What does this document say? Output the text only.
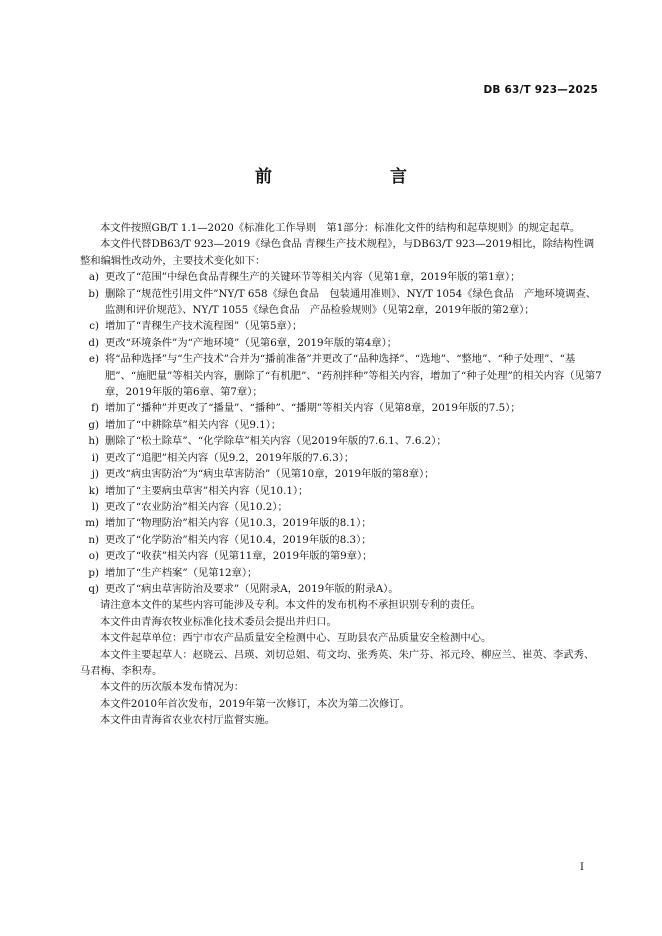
DB 63/T 923—2025
前　　言

本文件按照GB/T 1.1—2020《标准化工作导则　第1部分：标准化文件的结构和起草规则》的规定起草。

本文件代替DB63/T 923—2019《绿色食品 青稞生产技术规程》，与DB63/T 923—2019相比，除结构性调整和编辑性改动外，主要技术变化如下：

a) 更改了“范围”中绿色食品青稞生产的关键环节等相关内容（见第1章，2019年版的第1章）；
b) 删除了“规范性引用文件”NY/T 658《绿色食品　包装通用准则》、NY/T 1054《绿色食品　产地环境调查、监测和评价规范》、NY/T 1055《绿色食品　产品检验规则》（见第2章，2019年版的第2章）；
c) 增加了“青稞生产技术流程图”（见第5章）；
d) 更改“环境条件”为“产地环境”（见第6章，2019年版的第4章）；
e) 将“品种选择”与“生产技术”合并为“播前准备”并更改了“品种选择”、“选地”、“整地”、“种子处理”、“基肥”、“施肥量”等相关内容，删除了“有机肥”、“药剂拌种”等相关内容，增加了“种子处理”的相关内容（见第7章，2019年版的第6章、第7章）；
f) 增加了“播种”并更改了“播量”、“播种”、“播期”等相关内容（见第8章，2019年版的7.5）；
g) 增加了“中耕除草”相关内容（见9.1）；
h) 删除了“松土除草”、“化学除草”相关内容（见2019年版的7.6.1、7.6.2）；
i) 更改了“追肥”相关内容（见9.2，2019年版的7.6.3）；
j) 更改“病虫害防治”为“病虫草害防治”（见第10章，2019年版的第8章）；
k) 增加了“主要病虫草害”相关内容（见10.1）；
l) 更改了“农业防治”相关内容（见10.2）；
m) 增加了“物理防治”相关内容（见10.3，2019年版的8.1）；
n) 更改了“化学防治”相关内容（见10.4，2019年版的8.3）；
o) 更改了“收获”相关内容（见第11章，2019年版的第9章）；
p) 增加了“生产档案”（见第12章）；
q) 更改了“病虫草害防治及要求”（见附录A，2019年版的附录A）。

请注意本文件的某些内容可能涉及专利。本文件的发布机构不承担识别专利的责任。

本文件由青海农牧业标准化技术委员会提出并归口。

本文件起草单位：西宁市农产品质量安全检测中心、互助县农产品质量安全检测中心。

本文件主要起草人：赵晓云、吕瑛、刘切总姐、苟文均、张秀英、朱广芬、祁元玲、柳应兰、崔英、李武秀、马君梅、李积寿。

本文件的历次版本发布情况为：

本文件2010年首次发布，2019年第一次修订，本次为第二次修订。

本文件由青海省农业农村厅监督实施。

I
